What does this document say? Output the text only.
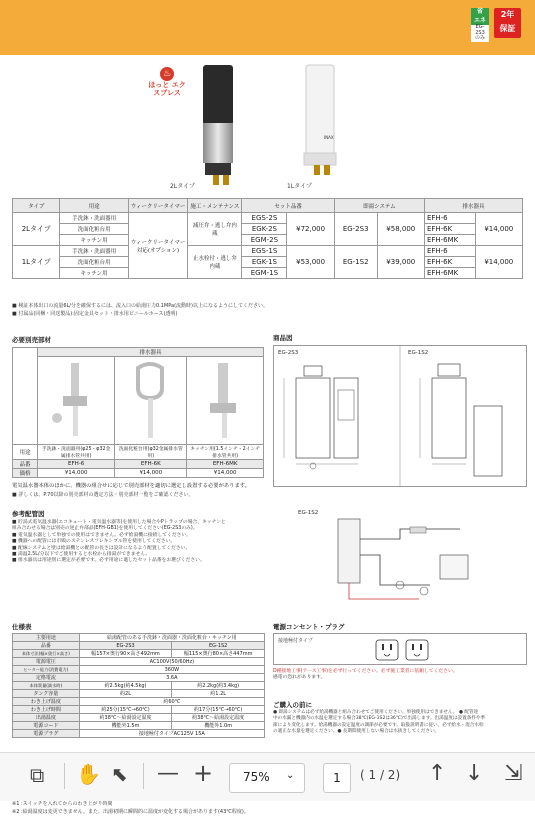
省
エネ
EG-2S3
のみ
2年
保証
♨
ほっと エクスプレス
2Lタイプ
INAX
1Lタイプ
タイプ	用途	ウィークリータイマー	施工・メンテナンス	セット品番		即湯システム		排水器具	
2Lタイプ	手洗鉢・洗面器用	ウィークリータイマー対応(オプション)	減圧弁・逃し弁内蔵	EGS-2S	¥72,000	EG-2S3	¥58,000	EFH-6	¥14,000
	洗面化粧台用			EGK-2S				EFH-6K	
	キッチン用			EGM-2S				EFH-6MK	
1Lタイプ	手洗鉢・洗面器用		止水栓付・逃し弁内蔵	EGS-1S	¥53,000	EG-1S2	¥39,000	EFH-6	¥14,000
	洗面化粧台用			EGK-1S				EFH-6K	
	キッチン用			EGM-1S				EFH-6MK	
■ 検証本体出口の流量6L/分を確保するには、流入口の給湯圧力0.1MPa(流動時)以上になるようにしてください。
■ 付属品(同梱・同送製品):固定金具セット・排水用ビニールホース(透明)
必要別売部材
	排水器具		

用途	手洗鉢・洗面器用(φ25・φ32金属排水管共用)	洗面化粧台用(φ32金属排水管用)	キッチン用(1.5インチ・2インチ排水管共用)
品番	EFH-6	EFH-6K	EFH-6MK
価格	¥14,000	¥14,000	¥14,000
電気温水器本体のほかに、機器の組合せに応じて別売部材を適切に選定し設置する必要があります。
■ 詳しくは、P.70以降の別売部材の選定方法・別売部材一覧をご確認ください。
商品図
EG-2S3	EG-1S2
参考配管図	EG-1S2
■ 貯湯式電気温水器(エコキュート・電気温水器等)を使用した場合やPトラップの場合、キッチンと
組み合わせる場合は別売の逆止弁部品(EFH-GB1)を使用してください(EG-2S3のみ)。
■ 電気温水器として単独での使用はできません。必ず給湯機に接続してください。
■ 機器への配管には市販のステンレスフレキシブル管を使用してください。
■ 配線システムと壁は給湯機との配管の長さは設計になるよう配置してください。
■ 湯温2.5L/分以下でご使用すると水栓から排湯ができません。
■ 排水器具は用途別に選定が必要です。必ず用途に適したセット品番をお選びください。
仕様表
主要用途	給湯配管のある手洗鉢・洗面器・洗面化粧台・キッチン用	
品番	EG-2S3	EG-1S2
本体寸法(幅×奥行×高さ)	幅157×奥行90×高さ492mm	幅115×奥行80×高さ447mm
電源電圧	AC100V(50/60Hz)	
ヒーター能力(消費電力)	360W	
定格電流	3.6A	
本体質量(満水時)	約2.5kg(約4.5kg)	約2.2kg(約3.4kg)
タンク容量	約2L	約1.2L
わき上げ温度	約60℃	
わき上げ時間	約25分(15℃→60℃)	約17分(15℃→60℃)
出湯温度	約38℃～給湯設定温度	約38℃～給湯設定温度
電源コード	機能外1.5m	機能外1.0m
電源プラグ	接地極付タイプAC125V 15A	
電源コンセント・プラグ
接地極付タイプ
D種接地工事(アース工事)を必ず行ってください。必ず施工業者に依頼してください。
感電の恐れがあります。
ご購入の前に
● 即湯システムは必ず給湯機器と組み合わせてご使用ください。単独使用はできません。 ● 配管途
中の水漏と機器内の水温を選定する場合38℃(EG-1S2は36℃)で出湯します。出湯温度は設置条件や季
節により変化します。給湯機器の設定温度の調節が必要です。取扱説明書に従い、必ず給水・混合水栓
の適正な水量を選定ください。● 長期間使用しない場合は水抜きしてください。
※1 :スイッチを入れてからのわき上がり時間
※2 :給湯温度は変更できません。また、出湯初期に瞬間的に温度が変化する場合があります(43℃程度)。
⧉ ✋ ⬉ — + 75% ⌄	1	( 1 / 2) ↑ ↓ ⇲
